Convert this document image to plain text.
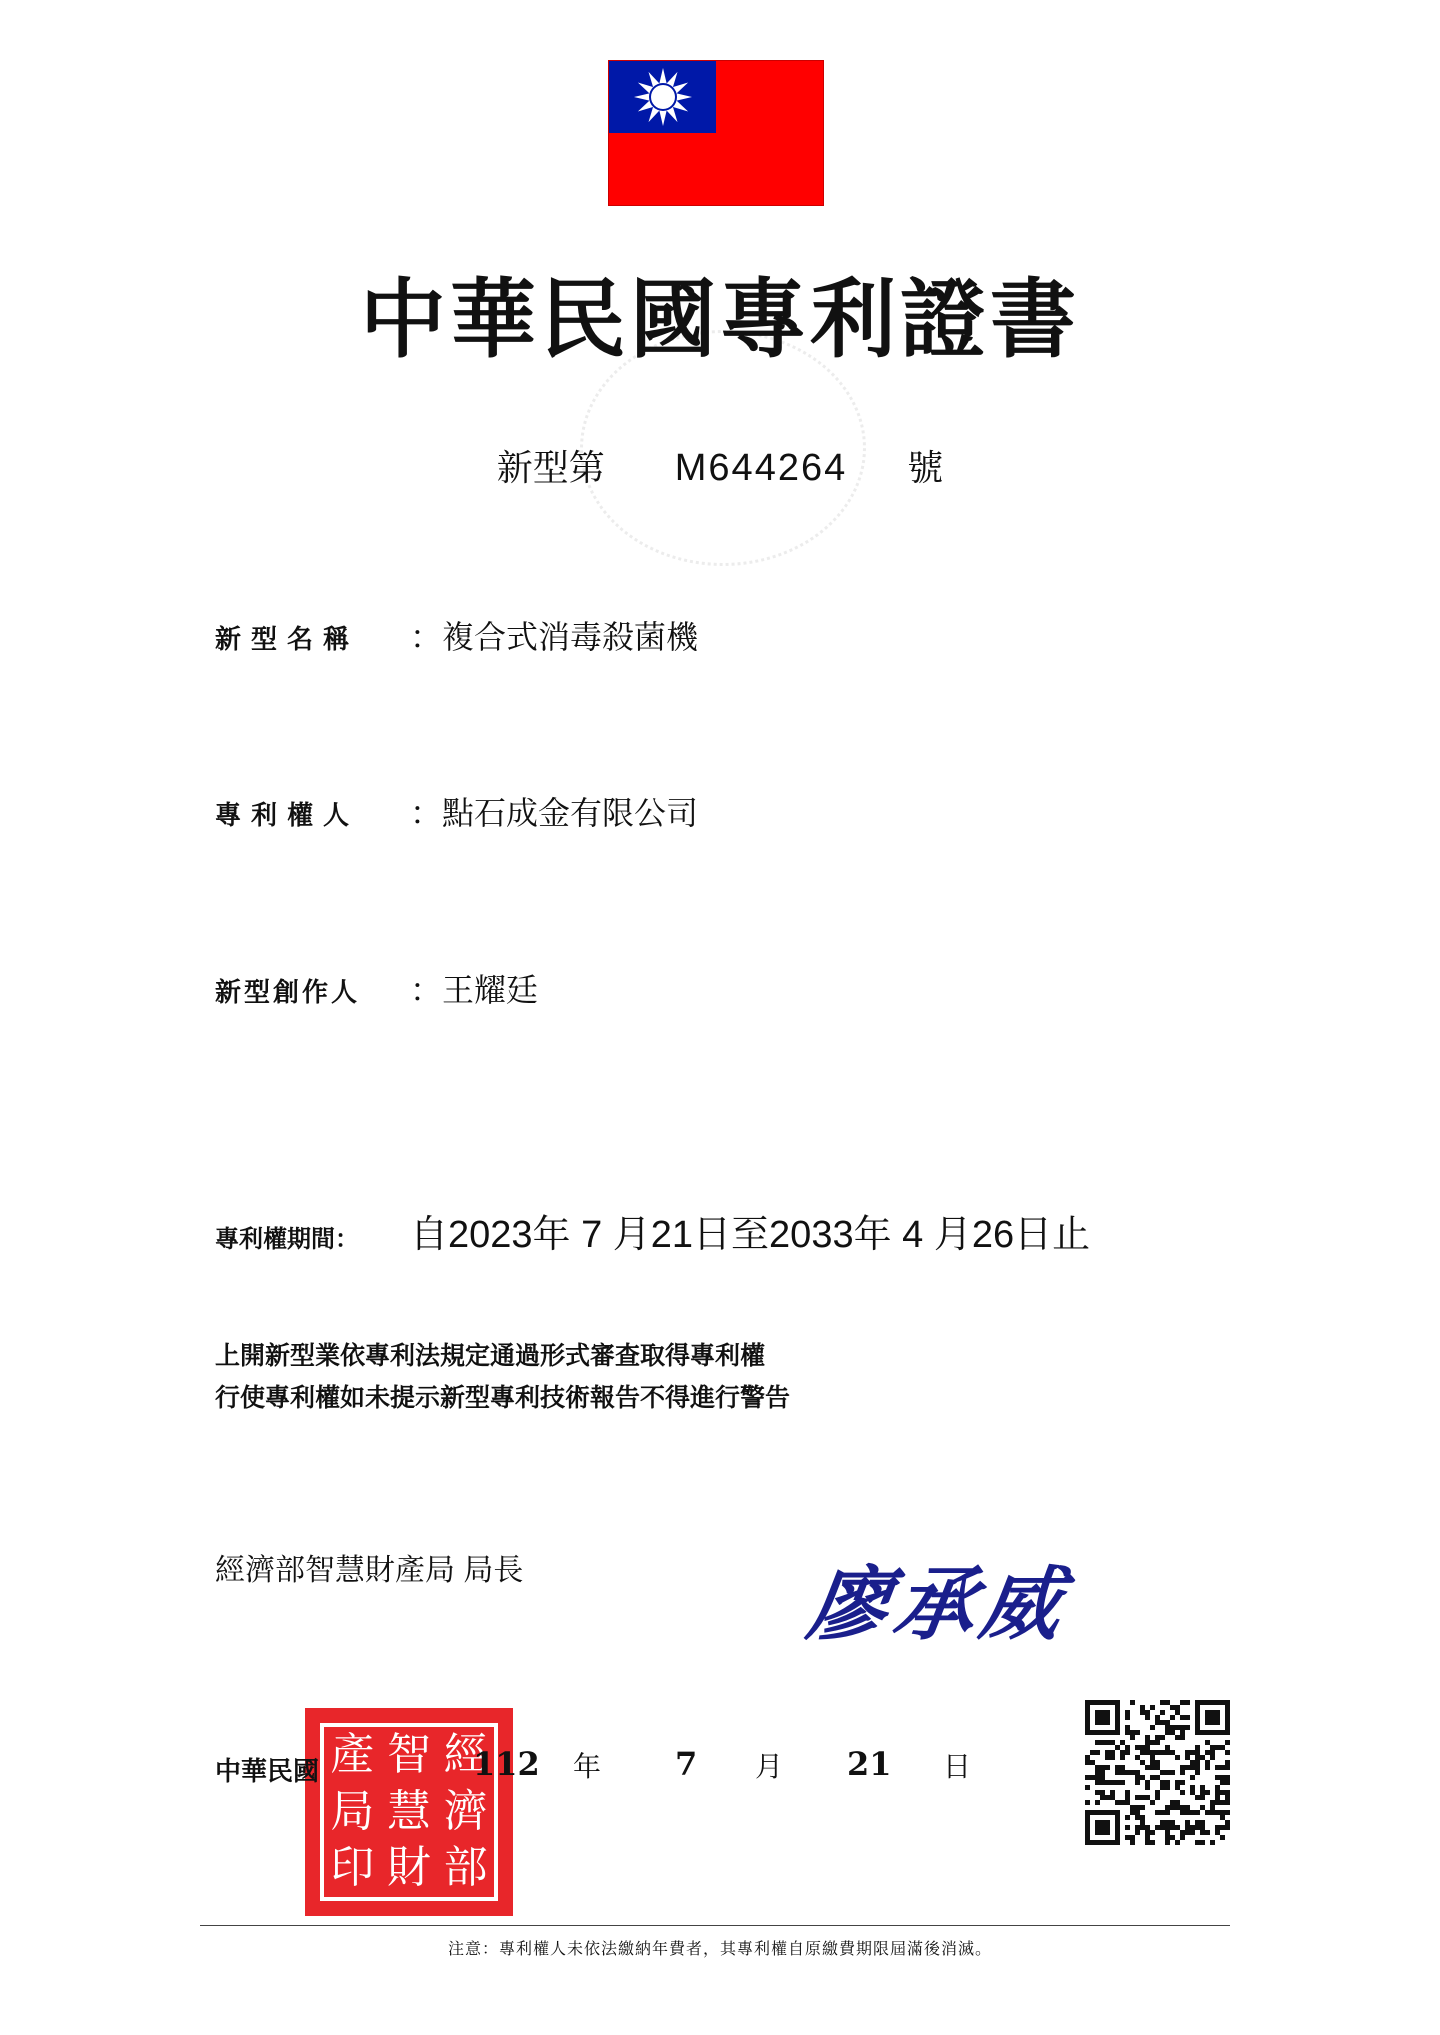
中華民國專利證書
新型第 M644264 號
新型名稱 ：複合式消毒殺菌機
專利權人 ：點石成金有限公司
新型創作人 ：王耀廷
專利權期間： 自2023年 7 月21日至2033年 4 月26日止
上開新型業依專利法規定通過形式審查取得專利權
行使專利權如未提示新型專利技術報告不得進行警告
經濟部智慧財產局 局長	廖承威
產 智 經
局 慧 濟
印 財 部
中華民國	112 年 7 月 21 日
注意：專利權人未依法繳納年費者，其專利權自原繳費期限屆滿後消滅。
